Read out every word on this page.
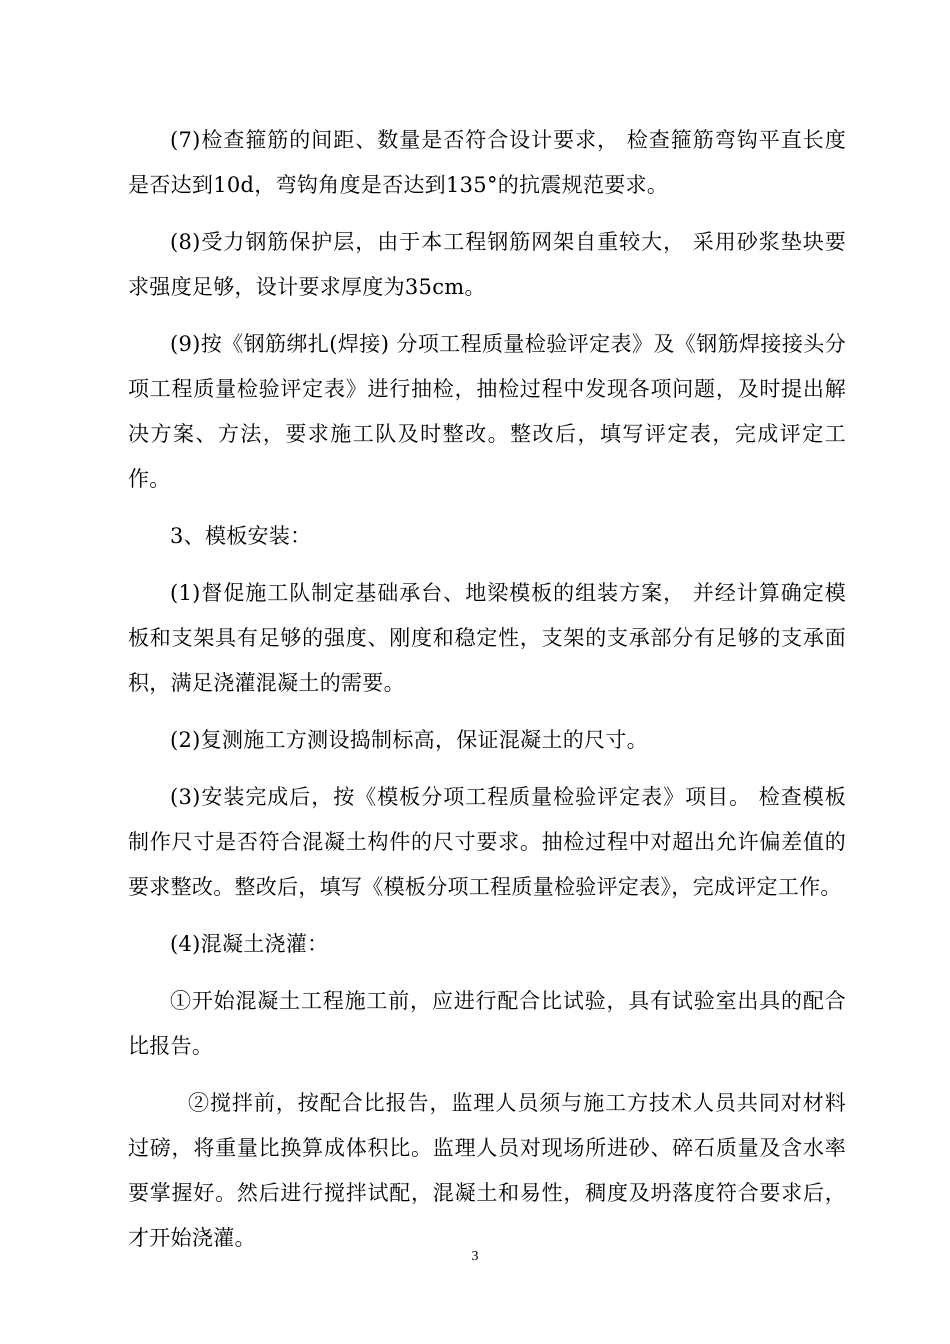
(7)检查箍筋的间距、数量是否符合设计要求， 检查箍筋弯钩平直长度是否达到10d，弯钩角度是否达到135°的抗震规范要求。

(8)受力钢筋保护层，由于本工程钢筋网架自重较大， 采用砂浆垫块要求强度足够，设计要求厚度为35cm。

(9)按《钢筋绑扎(焊接) 分项工程质量检验评定表》及《钢筋焊接接头分项工程质量检验评定表》进行抽检，抽检过程中发现各项问题，及时提出解决方案、方法，要求施工队及时整改。整改后，填写评定表，完成评定工作。

3、模板安装：

(1)督促施工队制定基础承台、地梁模板的组装方案， 并经计算确定模板和支架具有足够的强度、刚度和稳定性，支架的支承部分有足够的支承面积，满足浇灌混凝土的需要。

(2)复测施工方测设捣制标高，保证混凝土的尺寸。

(3)安装完成后，按《模板分项工程质量检验评定表》项目。 检查模板制作尺寸是否符合混凝土构件的尺寸要求。抽检过程中对超出允许偏差值的要求整改。整改后，填写《模板分项工程质量检验评定表》，完成评定工作。

(4)混凝土浇灌：

①开始混凝土工程施工前，应进行配合比试验，具有试验室出具的配合比报告。

②搅拌前，按配合比报告，监理人员须与施工方技术人员共同对材料过磅，将重量比换算成体积比。监理人员对现场所进砂、碎石质量及含水率要掌握好。然后进行搅拌试配，混凝土和易性，稠度及坍落度符合要求后，才开始浇灌。

3
